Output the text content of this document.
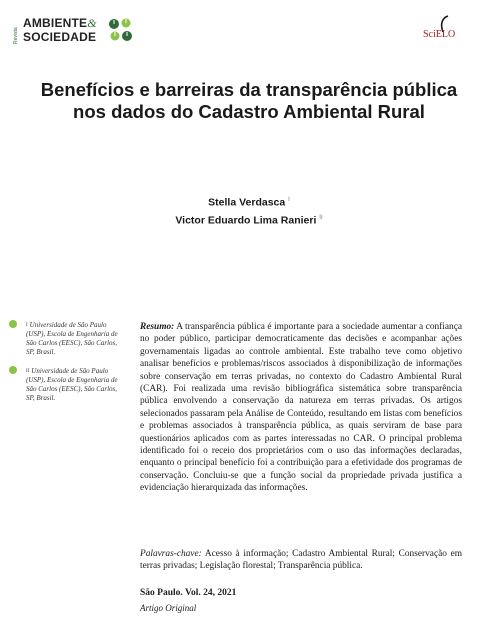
Revista
AMBIENTE&
SOCIEDADE	SciELO
Benefícios e barreiras da transparência pública nos dados do Cadastro Ambiental Rural
Stella Verdasca $^I$
Victor Eduardo Lima Ranieri $^{II}$
$^I$ Universidade de São Paulo (USP), Escola de Engenharia de São Carlos (EESC), São Carlos, SP, Brasil.
$^{II}$ Universidade de São Paulo (USP), Escola de Engenharia de São Carlos (EESC), São Carlos, SP, Brasil.

Resumo: A transparência pública é importante para a sociedade aumentar a confiança no poder público, participar democraticamente das decisões e acompanhar ações governamentais ligadas ao controle ambiental. Este trabalho teve como objetivo analisar benefícios e problemas/riscos associados à disponibilização de informações sobre conservação em terras privadas, no contexto do Cadastro Ambiental Rural (CAR). Foi realizada uma revisão bibliográfica sistemática sobre transparência pública envolvendo a conservação da natureza em terras privadas. Os artigos selecionados passaram pela Análise de Conteúdo, resultando em listas com benefícios e problemas associados à transparência pública, as quais serviram de base para questionários aplicados com as partes interessadas no CAR. O principal problema identificado foi o receio dos proprietários com o uso das informações declaradas, enquanto o principal benefício foi a contribuição para a efetividade dos programas de conservação. Concluiu-se que a função social da propriedade privada justifica a evidenciação hierarquizada das informações.

Palavras-chave: Acesso à informação; Cadastro Ambiental Rural; Conservação em terras privadas; Legislação florestal; Transparência pública.

São Paulo. Vol. 24, 2021
Artigo Original
